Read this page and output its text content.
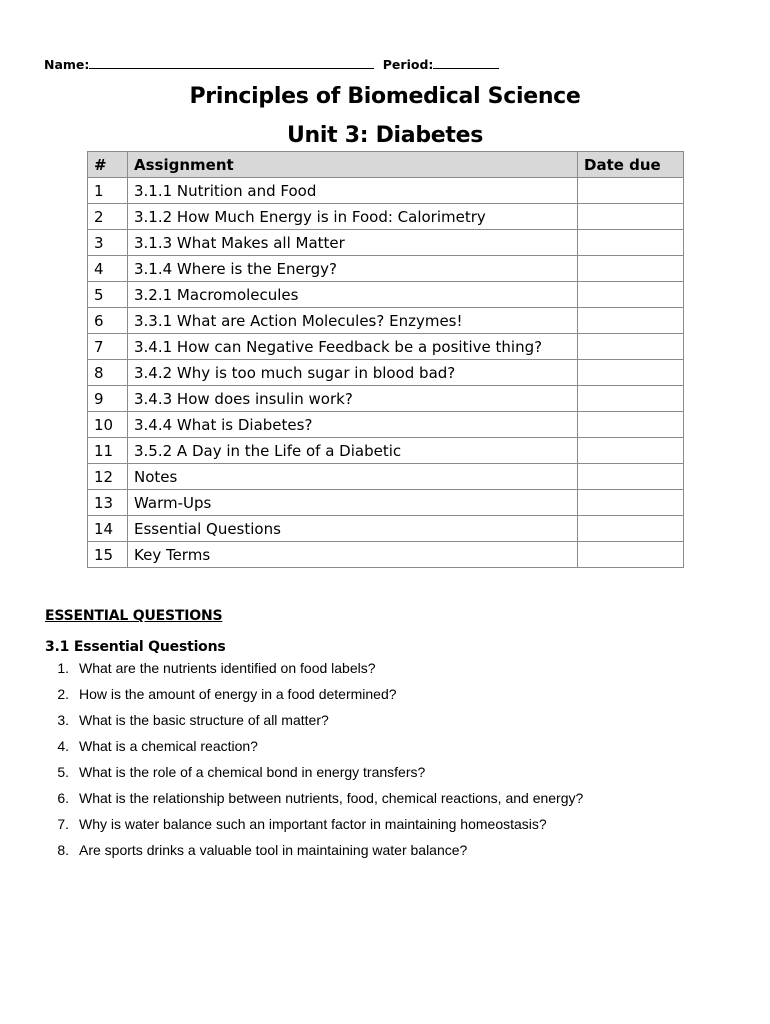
Name:	Period:
Principles of Biomedical Science
Unit 3: Diabetes
#	Assignment	Date due
1	3.1.1 Nutrition and Food	
2	3.1.2 How Much Energy is in Food: Calorimetry	
3	3.1.3 What Makes all Matter	
4	3.1.4 Where is the Energy?	
5	3.2.1 Macromolecules	
6	3.3.1 What are Action Molecules? Enzymes!	
7	3.4.1 How can Negative Feedback be a positive thing?	
8	3.4.2 Why is too much sugar in blood bad?	
9	3.4.3 How does insulin work?	
10	3.4.4 What is Diabetes?	
11	3.5.2 A Day in the Life of a Diabetic	
12	Notes	
13	Warm-Ups	
14	Essential Questions	
15	Key Terms	
ESSENTIAL QUESTIONS
3.1 Essential Questions
1. What are the nutrients identified on food labels?
2. How is the amount of energy in a food determined?
3. What is the basic structure of all matter?
4. What is a chemical reaction?
5. What is the role of a chemical bond in energy transfers?
6. What is the relationship between nutrients, food, chemical reactions, and energy?
7. Why is water balance such an important factor in maintaining homeostasis?
8. Are sports drinks a valuable tool in maintaining water balance?
